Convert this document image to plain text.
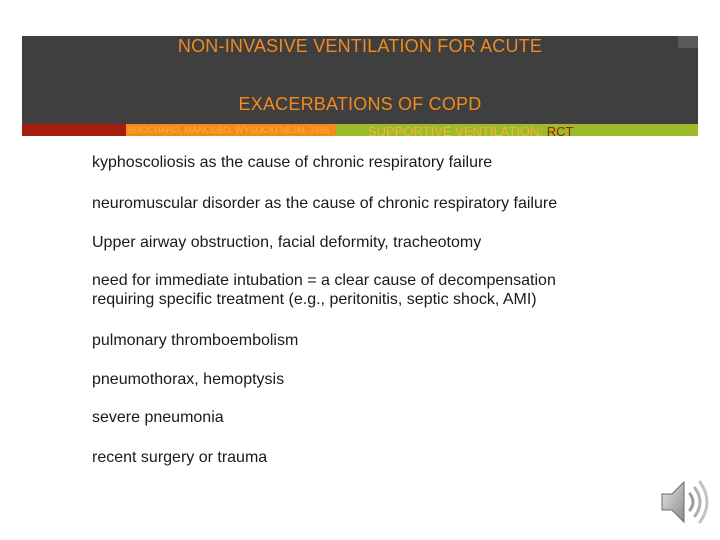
NON-INVASIVE VENTILATION FOR ACUTE
EXACERBATIONS OF COPD
BROCHARD, MANCEBO, WYSOCKI NEJM, 1995	SUPPORTIVE VENTILATION: RCT
kyphoscoliosis as the cause of chronic respiratory failure
neuromuscular disorder as the cause of chronic respiratory failure
Upper airway obstruction, facial deformity, tracheotomy
need for immediate intubation = a clear cause of decompensation
requiring specific treatment (e.g., peritonitis, septic shock, AMI)
pulmonary thromboembolism
pneumothorax, hemoptysis
severe pneumonia
recent surgery or trauma
